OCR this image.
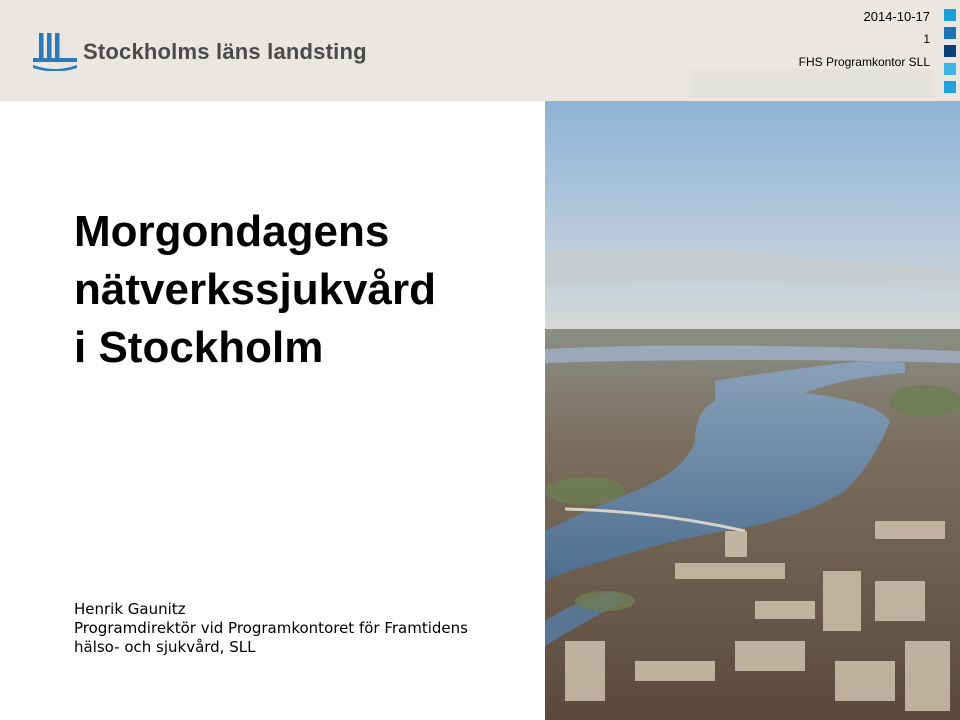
Stockholms läns landsting
2014-10-17
1
FHS Programkontor SLL
Morgondagens
nätverkssjukvård
i Stockholm
Henrik Gaunitz
Programdirektör vid Programkontoret för Framtidens
hälso- och sjukvård, SLL
